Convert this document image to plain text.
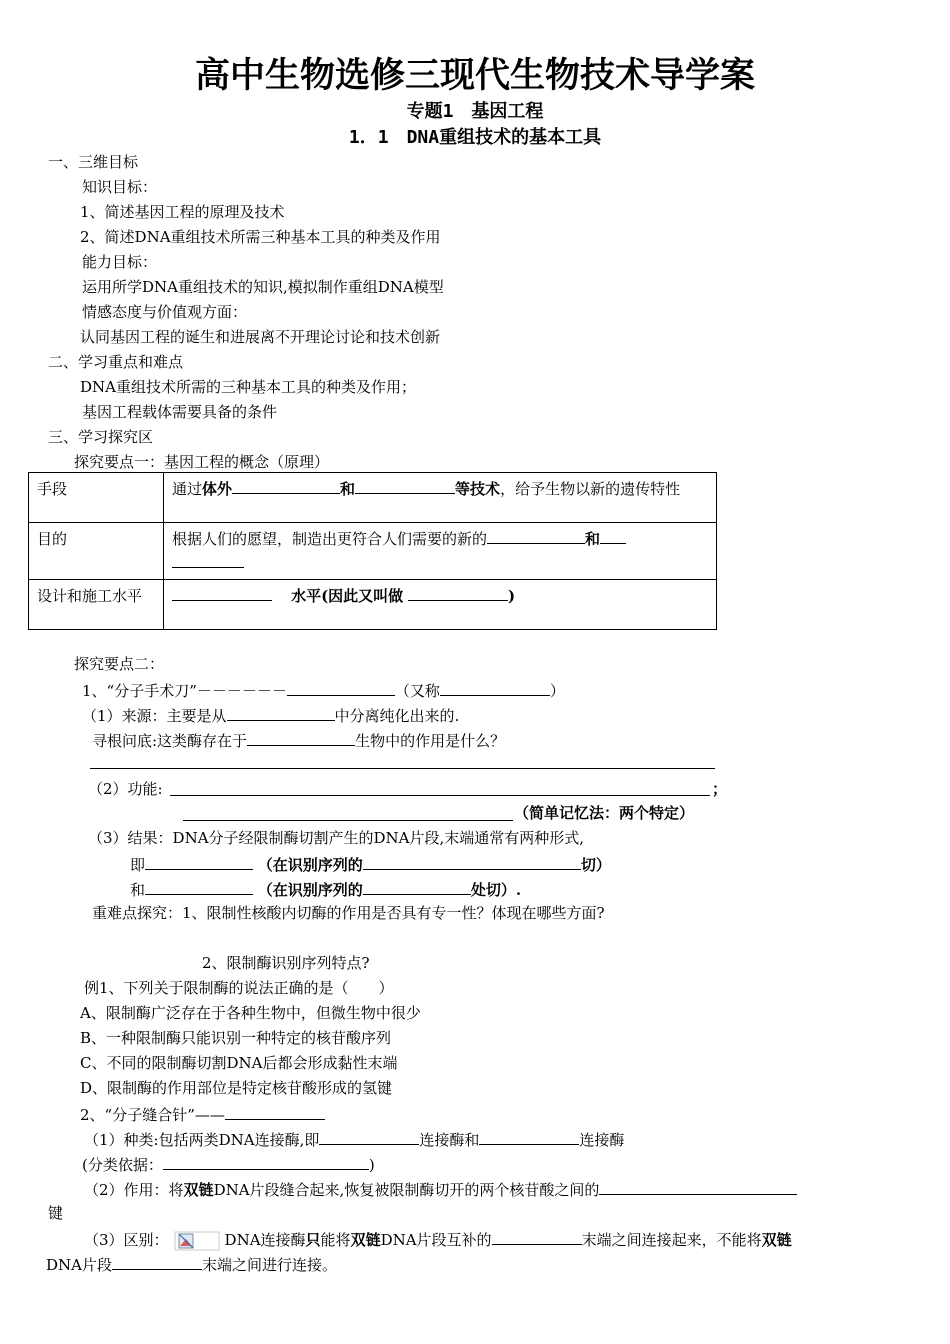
高中生物选修三现代生物技术导学案
专题1　基因工程
1．1　DNA重组技术的基本工具
一、三维目标
知识目标：
1、简述基因工程的原理及技术
2、简述DNA重组技术所需三种基本工具的种类及作用
能力目标：
运用所学DNA重组技术的知识,模拟制作重组DNA模型
情感态度与价值观方面：
认同基因工程的诞生和进展离不开理论讨论和技术创新
二、学习重点和难点
DNA重组技术所需的三种基本工具的种类及作用；
基因工程载体需要具备的条件
三、学习探究区
探究要点一：基因工程的概念（原理）
手段	通过体外 和 等技术，给予生物以新的遗传特性
目的	根据人们的愿望，制造出更符合人们需要的新的 和

设计和施工水平	水平(因此又叫做 )
探究要点二：
1、“分子手术刀”－－－－－－	（又称	）
（1）来源：主要是从	中分离纯化出来的.
寻根问底:这类酶存在于	生物中的作用是什么？
（2）功能:	；
（简单记忆法：两个特定）
（3）结果：DNA分子经限制酶切割产生的DNA片段,末端通常有两种形式,
即	（在识别序列的	切）
和	（在识别序列的	处切）.
重难点探究：1、限制性核酸内切酶的作用是否具有专一性？体现在哪些方面?
2、限制酶识别序列特点?
例1、下列关于限制酶的说法正确的是（　　）
A、限制酶广泛存在于各种生物中，但微生物中很少
B、一种限制酶只能识别一种特定的核苷酸序列
C、不同的限制酶切割DNA后都会形成黏性末端
D、限制酶的作用部位是特定核苷酸形成的氢键
2、“分子缝合针”——
（1）种类:包括两类DNA连接酶,即	连接酶和	连接酶
(分类依据：	)
（2）作用：将双链DNA片段缝合起来,恢复被限制酶切开的两个核苷酸之间的
键
（3）区别：	DNA连接酶只能将双链DNA片段互补的	末端之间连接起来，不能将双链
DNA片段	末端之间进行连接。
